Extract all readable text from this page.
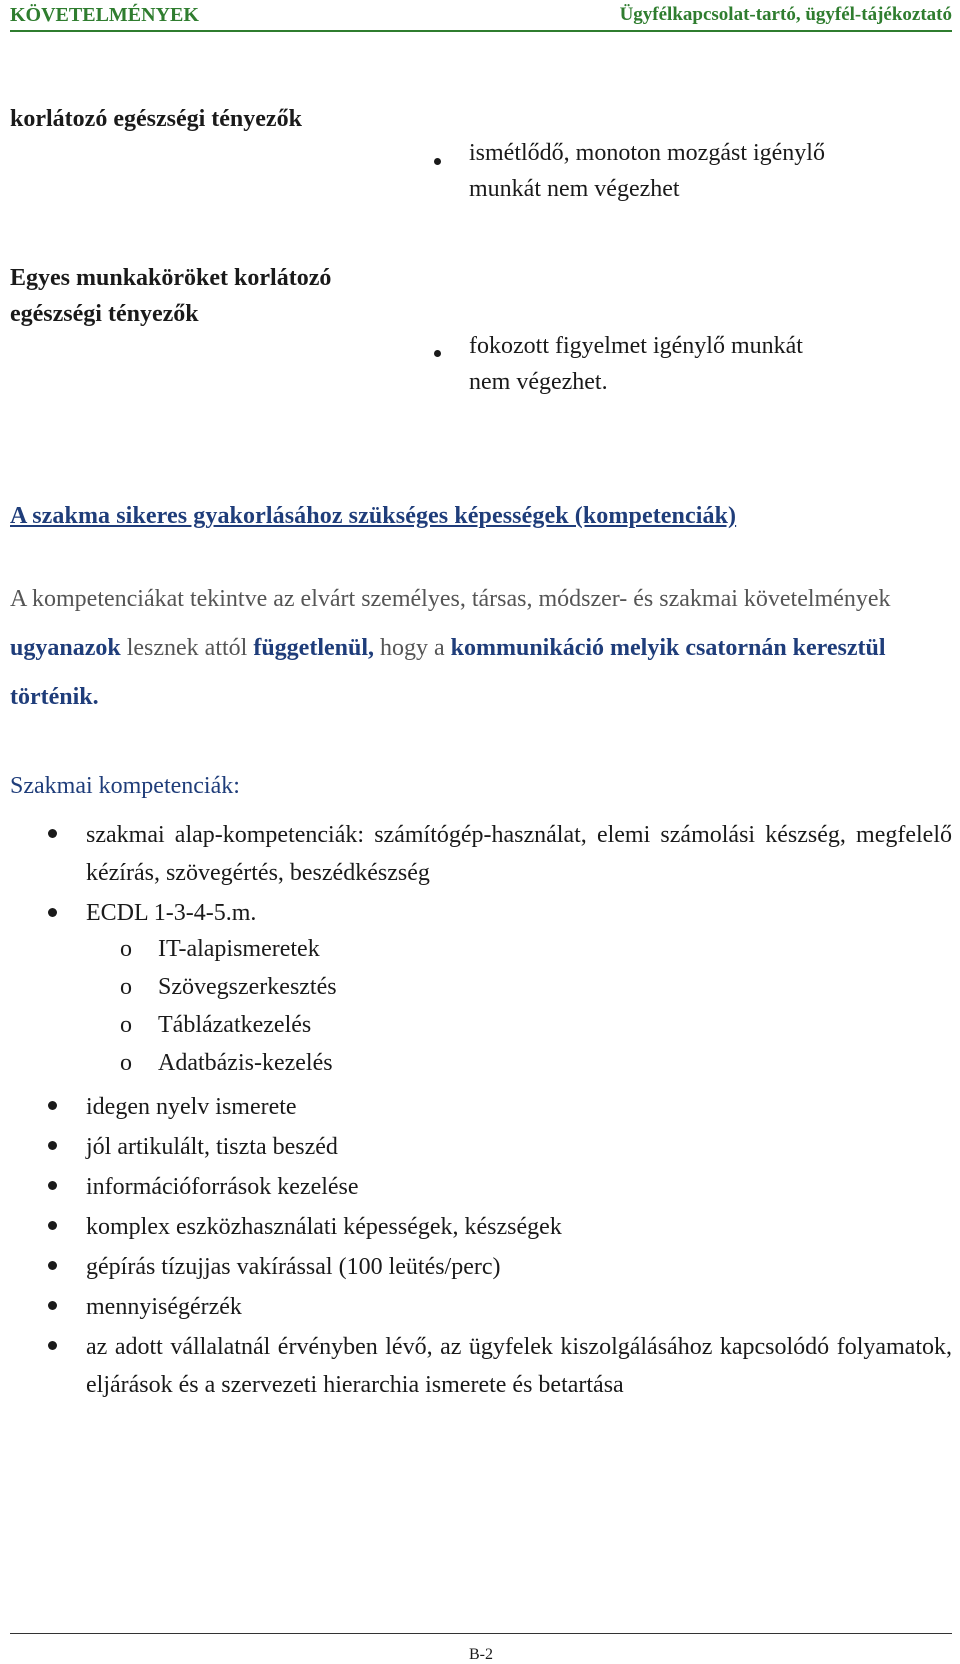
KÖVETELMÉNYEK	Ügyfélkapcsolat-tartó, ügyfél-tájékoztató
korlátozó egészségi tényezők
ismétlődő, monoton mozgást igénylő
munkát nem végezhet
Egyes munkaköröket korlátozó
egészségi tényezők
fokozott figyelmet igénylő munkát
nem végezhet.
A szakma sikeres gyakorlásához szükséges képességek (kompetenciák)
A kompetenciákat tekintve az elvárt személyes, társas, módszer- és szakmai követelmények ugyanazok lesznek attól függetlenül, hogy a kommunikáció melyik csatornán keresztül történik.
Szakmai kompetenciák:
szakmai alap-kompetenciák: számítógép-használat, elemi számolási készség, megfelelő kézírás, szövegértés, beszédkészség
ECDL 1-3-4-5.m.
o IT-alapismeretek
o Szövegszerkesztés
o Táblázatkezelés
o Adatbázis-kezelés
idegen nyelv ismerete
jól artikulált, tiszta beszéd
információforrások kezelése
komplex eszközhasználati képességek, készségek
gépírás tízujjas vakírással (100 leütés/perc)
mennyiségérzék
az adott vállalatnál érvényben lévő, az ügyfelek kiszolgálásához kapcsolódó folyamatok, eljárások és a szervezeti hierarchia ismerete és betartása
B-2
